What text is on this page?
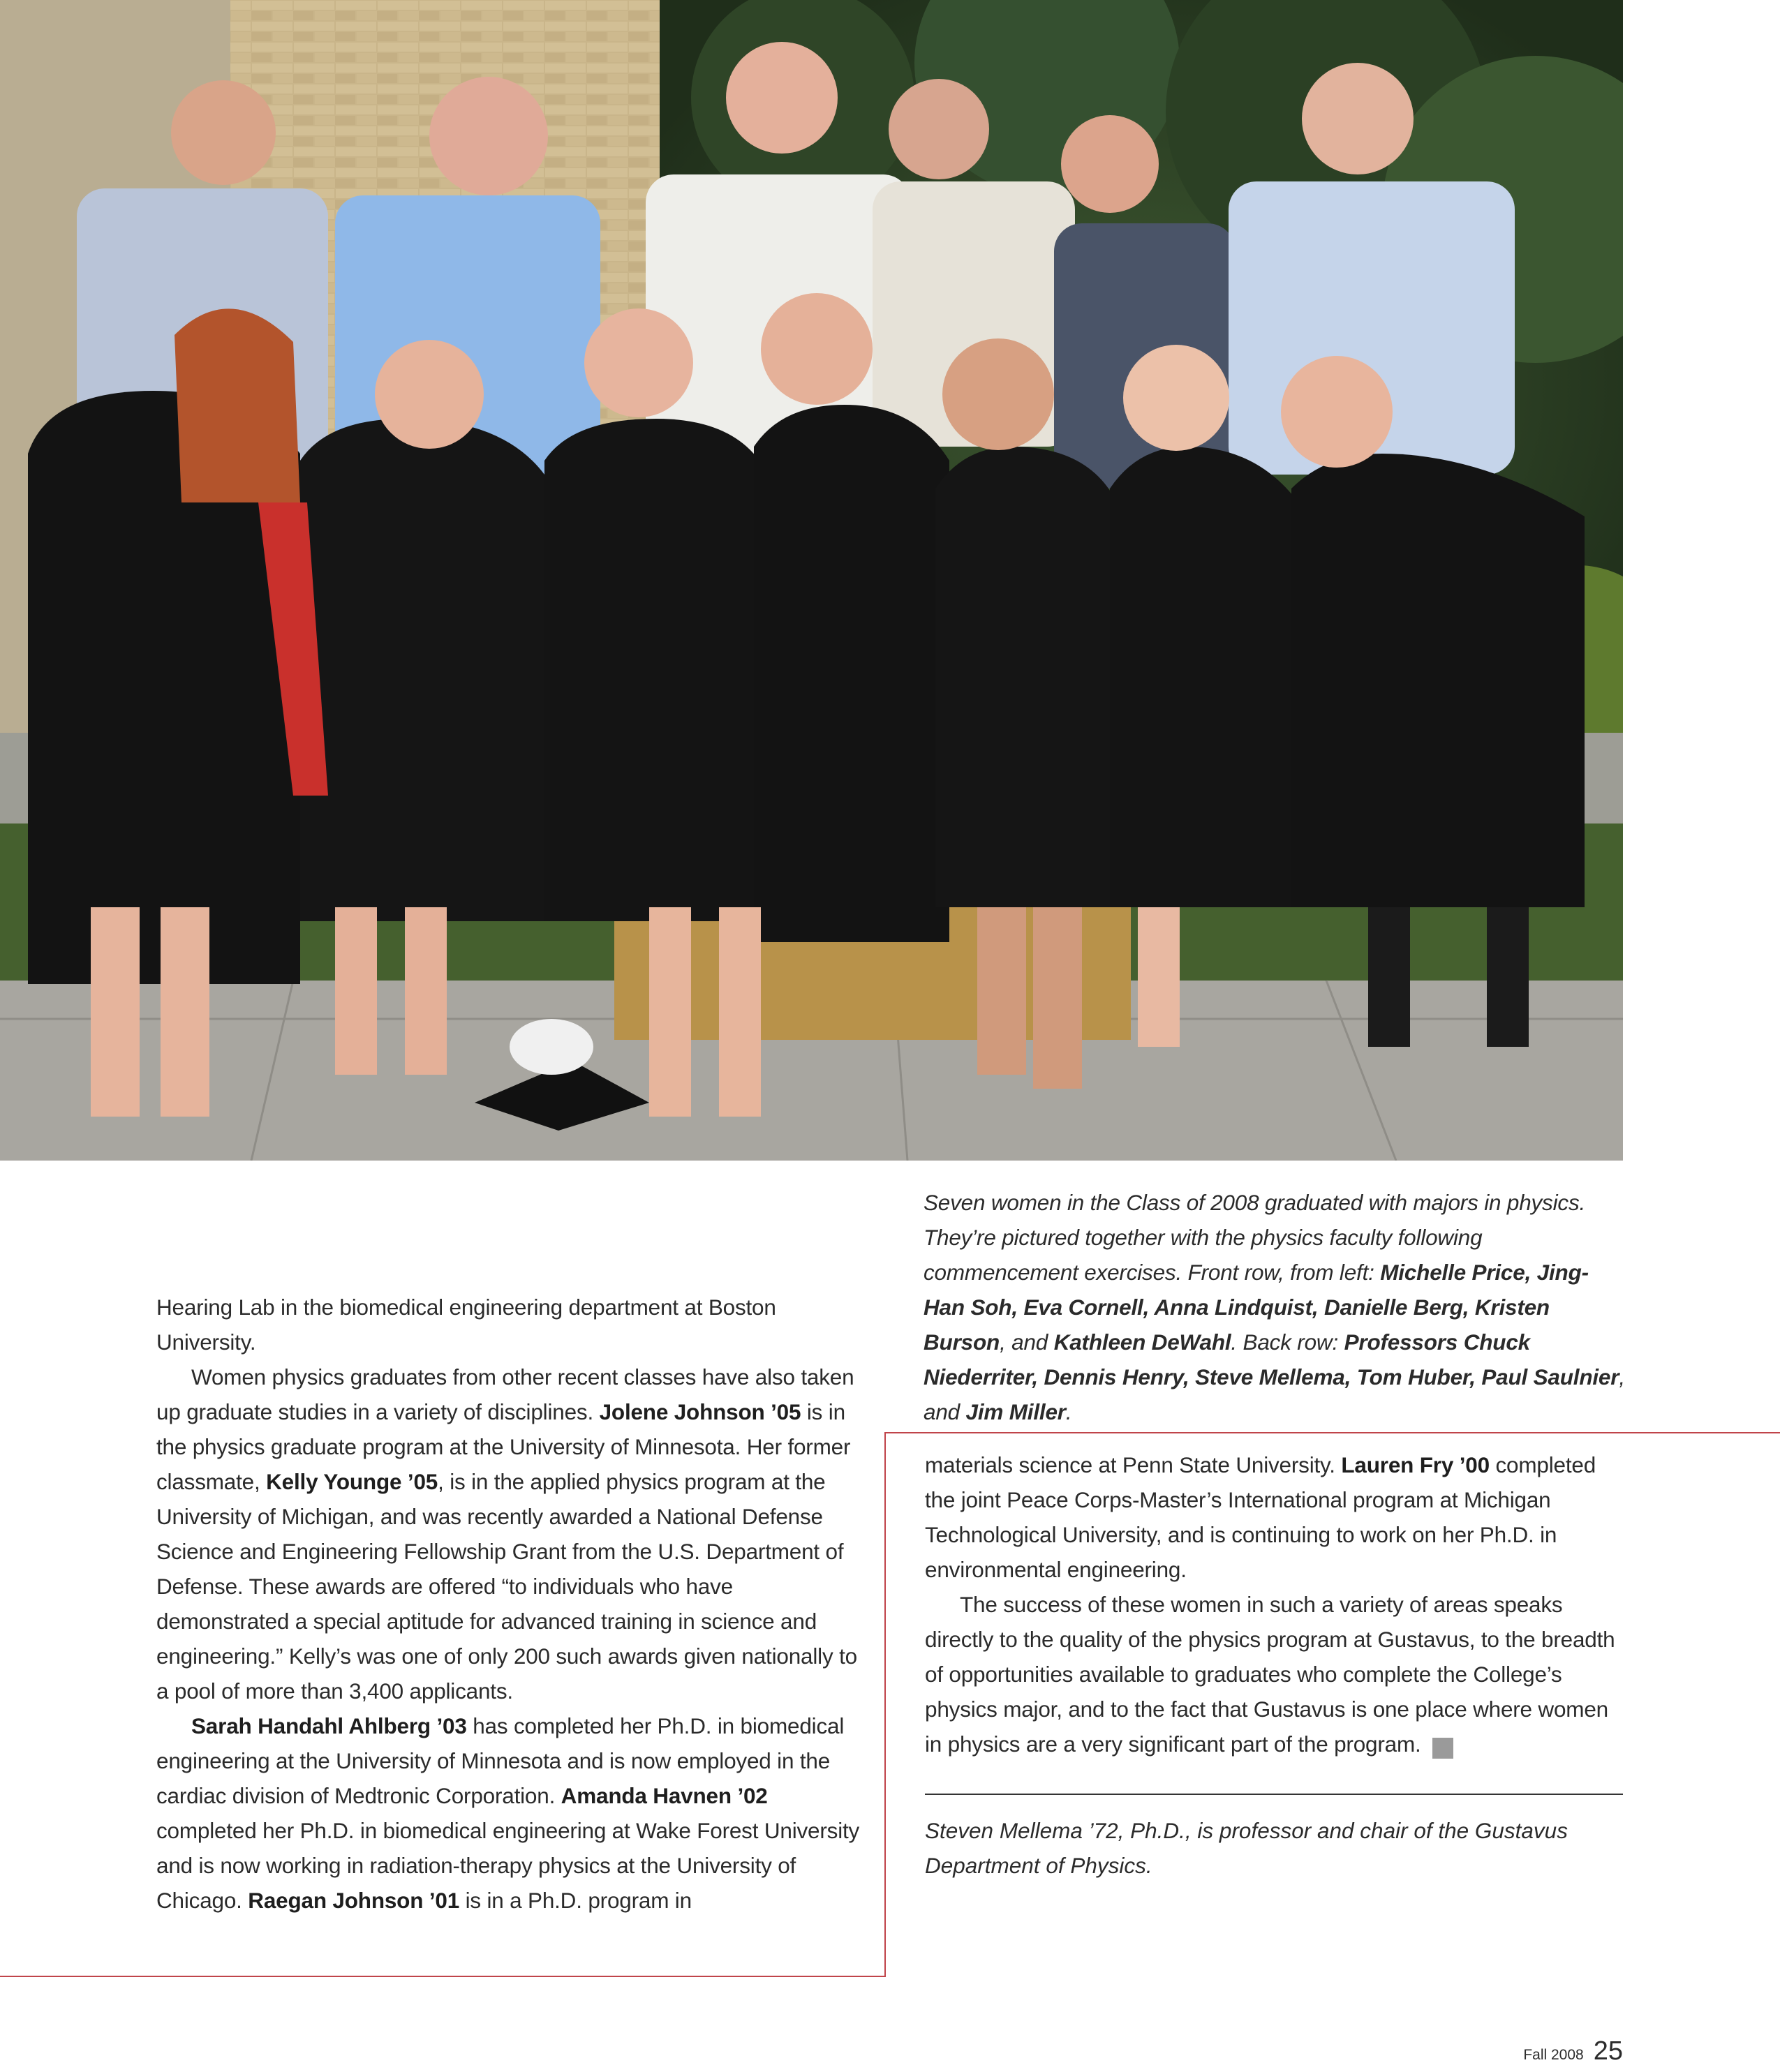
Seven women in the Class of 2008 graduated with majors in physics. They’re pictured together with the physics faculty following commencement exercises. Front row, from left: Michelle Price, Jing-Han Soh, Eva Cornell, Anna Lindquist, Danielle Berg, Kristen Burson, and Kathleen DeWahl. Back row: Professors Chuck Niederriter, Dennis Henry, Steve Mellema, Tom Huber, Paul Saulnier, and Jim Miller.

Hearing Lab in the biomedical engineering department at Boston University.

Women physics graduates from other recent classes have also taken up graduate studies in a variety of disciplines. Jolene Johnson ’05 is in the physics graduate program at the University of Minnesota. Her former classmate, Kelly Younge ’05, is in the applied physics program at the University of Michigan, and was recently awarded a National Defense Science and Engineering Fellowship Grant from the U.S. Department of Defense. These awards are offered “to individuals who have demonstrated a special aptitude for advanced training in science and engineering.” Kelly’s was one of only 200 such awards given nationally to a pool of more than 3,400 applicants.

Sarah Handahl Ahlberg ’03 has completed her Ph.D. in biomedical engineering at the University of Minnesota and is now employed in the cardiac division of Medtronic Corporation. Amanda Havnen ’02 completed her Ph.D. in biomedical engineering at Wake Forest University and is now working in radiation-therapy physics at the University of Chicago. Raegan Johnson ’01 is in a Ph.D. program in

materials science at Penn State University. Lauren Fry ’00 completed the joint Peace Corps-Master’s International program at Michigan Technological University, and is continuing to work on her Ph.D. in environmental engineering.

The success of these women in such a variety of areas speaks directly to the quality of the physics program at Gustavus, to the breadth of opportunities available to graduates who complete the College’s physics major, and to the fact that Gustavus is one place where women in physics are a very significant part of the program.	G

Steven Mellema ’72, Ph.D., is professor and chair of the Gustavus Department of Physics.
Fall 2008 25
